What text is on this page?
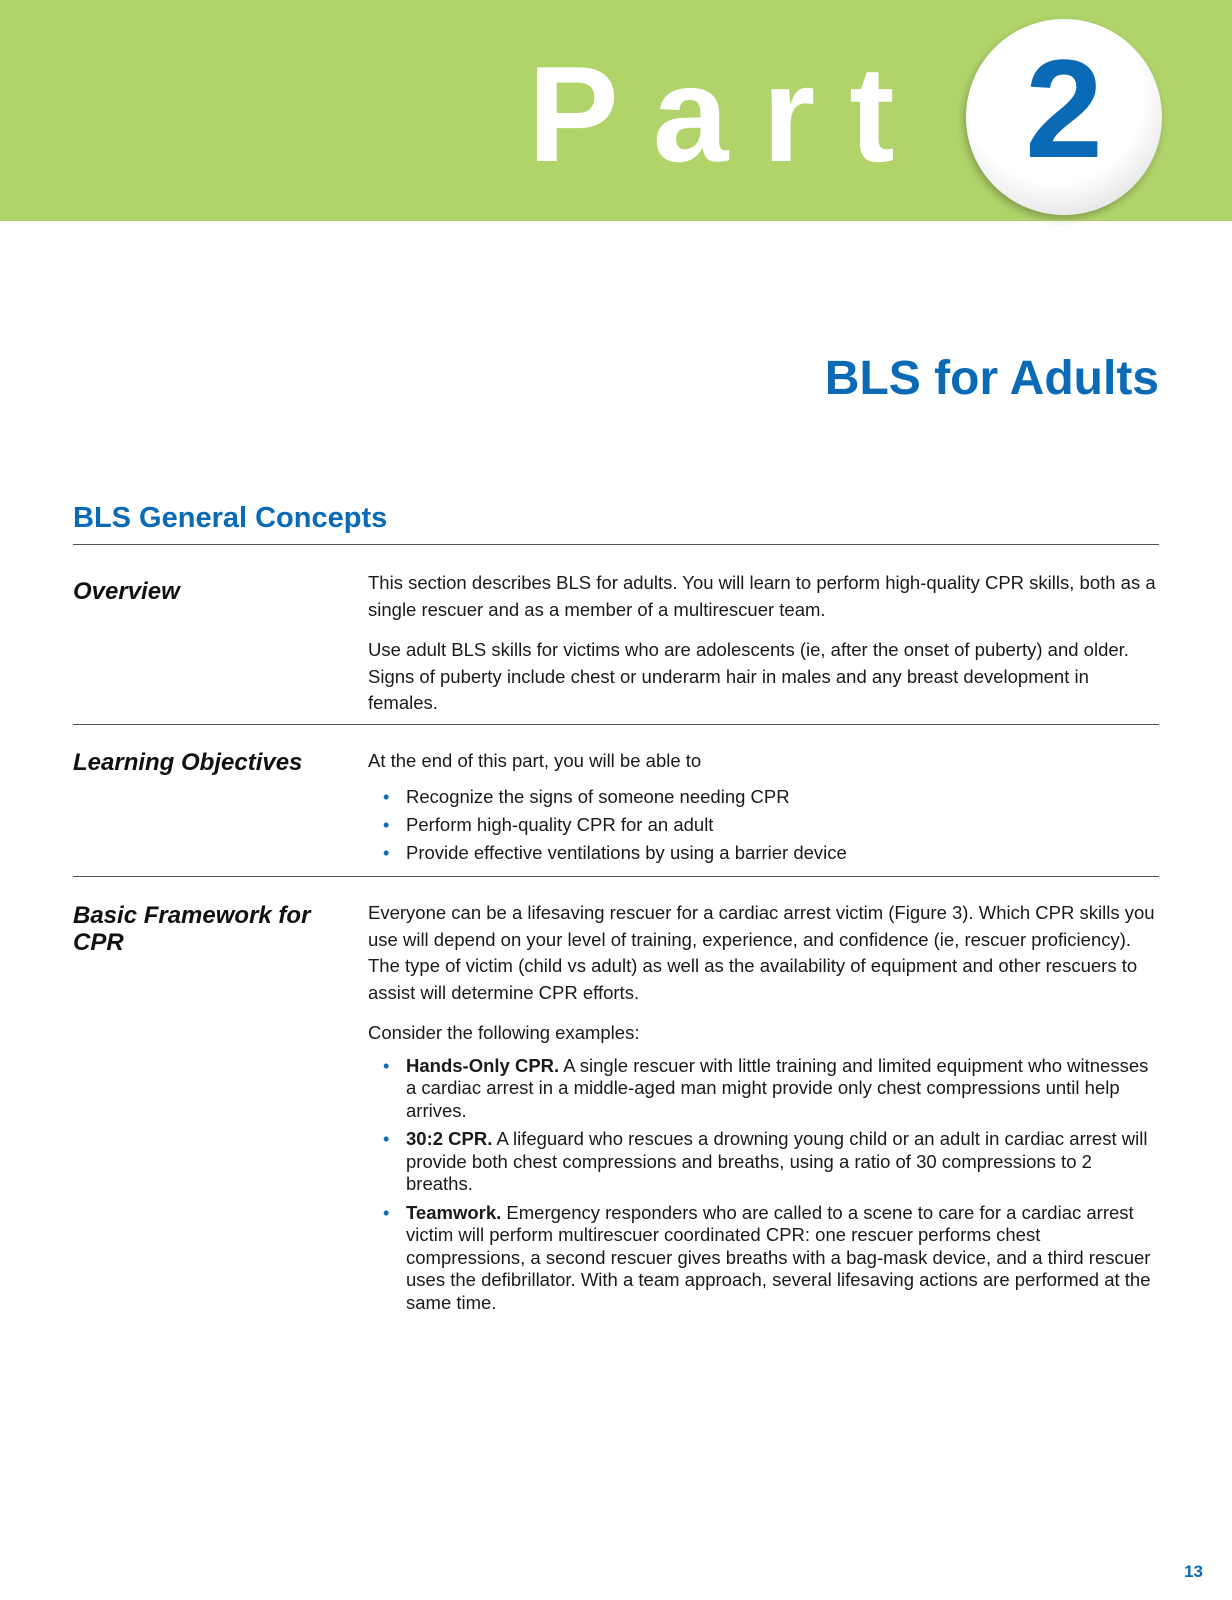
Part 2
BLS for Adults
BLS General Concepts
Overview	This section describes BLS for adults. You will learn to perform high-quality CPR skills, both as a single rescuer and as a member of a multirescuer team.

Use adult BLS skills for victims who are adolescents (ie, after the onset of puberty) and older. Signs of puberty include chest or underarm hair in males and any breast development in females.

Learning Objectives	At the end of this part, you will be able to

• Recognize the signs of someone needing CPR
• Perform high-quality CPR for an adult
• Provide effective ventilations by using a barrier device
Basic Framework for CPR

Everyone can be a lifesaving rescuer for a cardiac arrest victim (Figure 3). Which CPR skills you use will depend on your level of training, experience, and confidence (ie, rescuer proficiency). The type of victim (child vs adult) as well as the availability of equipment and other rescuers to assist will determine CPR efforts.

Consider the following examples:

• Hands-Only CPR. A single rescuer with little training and limited equipment who witnesses a cardiac arrest in a middle-aged man might provide only chest compressions until help arrives.
• 30:2 CPR. A lifeguard who rescues a drowning young child or an adult in cardiac arrest will provide both chest compressions and breaths, using a ratio of 30 compressions to 2 breaths.
• Teamwork. Emergency responders who are called to a scene to care for a cardiac arrest victim will perform multirescuer coordinated CPR: one rescuer performs chest compressions, a second rescuer gives breaths with a bag-mask device, and a third rescuer uses the defibrillator. With a team approach, several lifesaving actions are performed at the same time.
13
